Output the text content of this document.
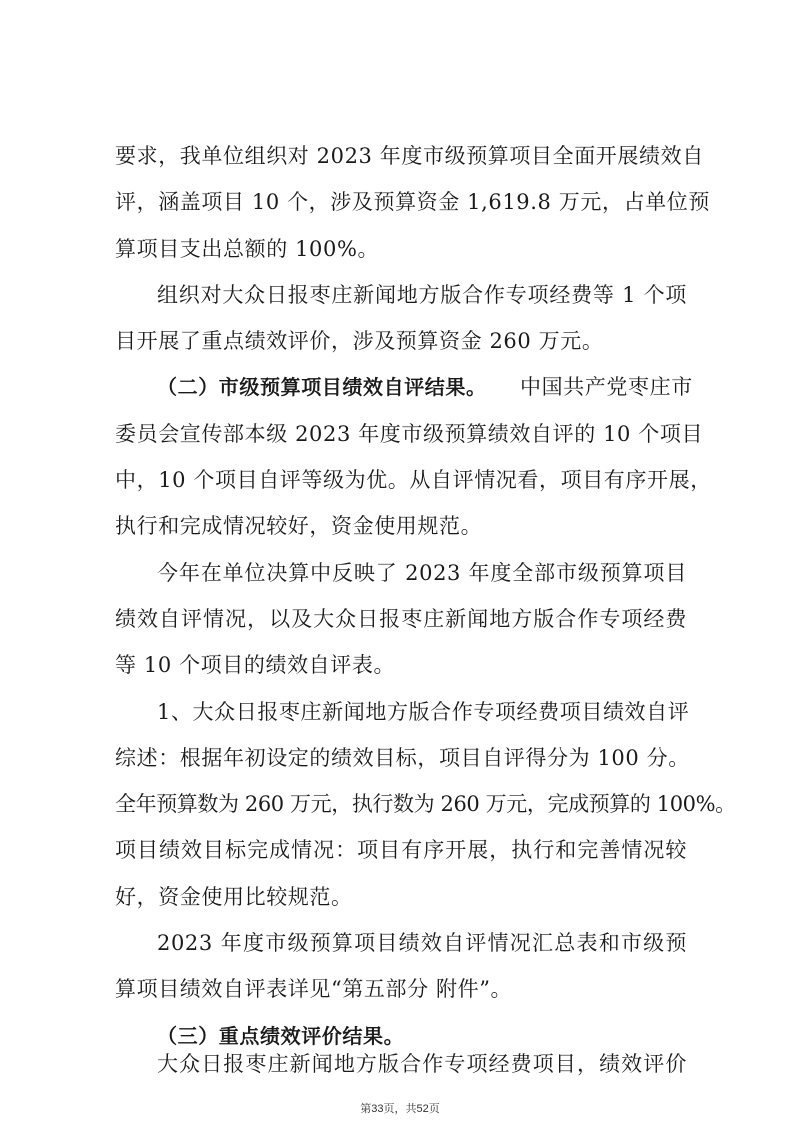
要求，我单位组织对 2023 年度市级预算项目全面开展绩效自
评，涵盖项目 10 个，涉及预算资金 1,619.8 万元，占单位预
算项目支出总额的 100%。
组织对大众日报枣庄新闻地方版合作专项经费等 1 个项
目开展了重点绩效评价，涉及预算资金 260 万元。
（二）市级预算项目绩效自评结果。 中国共产党枣庄市
委员会宣传部本级 2023 年度市级预算绩效自评的 10 个项目
中，10 个项目自评等级为优。从自评情况看，项目有序开展，
执行和完成情况较好，资金使用规范。
今年在单位决算中反映了 2023 年度全部市级预算项目
绩效自评情况，以及大众日报枣庄新闻地方版合作专项经费
等 10 个项目的绩效自评表。
1、大众日报枣庄新闻地方版合作专项经费项目绩效自评
综述：根据年初设定的绩效目标，项目自评得分为 100 分。
全年预算数为 260 万元，执行数为 260 万元，完成预算的 100%。
项目绩效目标完成情况：项目有序开展，执行和完善情况较
好，资金使用比较规范。
2023 年度市级预算项目绩效自评情况汇总表和市级预
算项目绩效自评表详见“第五部分 附件”。
（三）重点绩效评价结果。
第33页，共52页
大众日报枣庄新闻地方版合作专项经费项目，绩效评价
